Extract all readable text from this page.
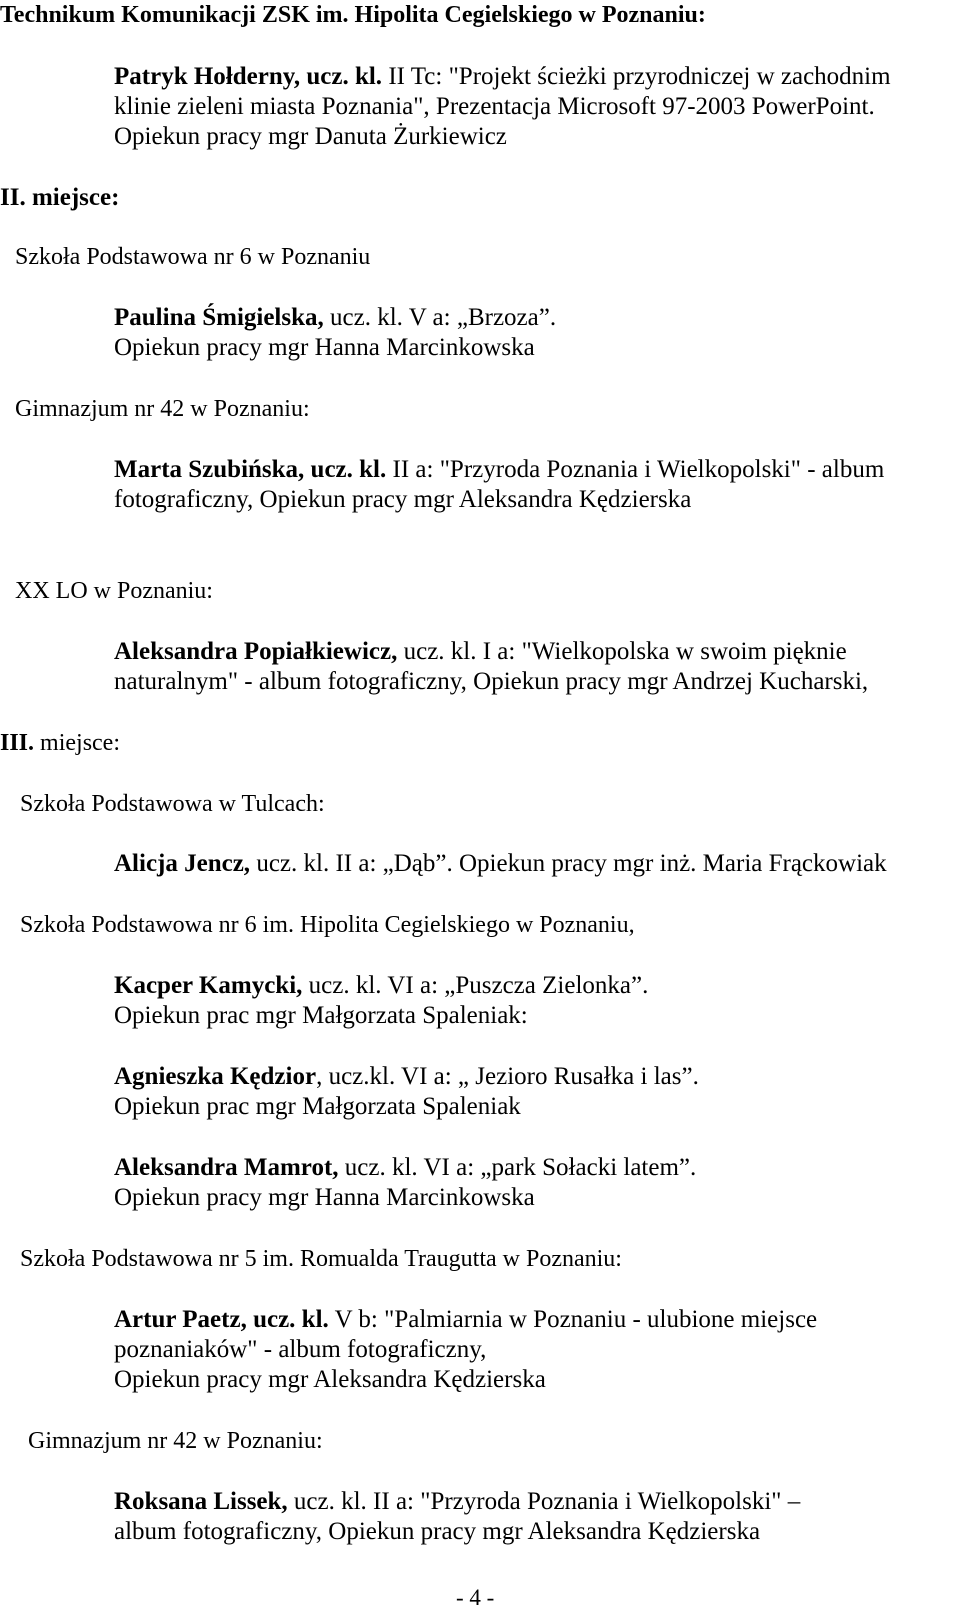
Technikum Komunikacji ZSK im. Hipolita Cegielskiego w Poznaniu:
Patryk Hołderny, ucz. kl. II Tc: "Projekt ścieżki przyrodniczej w zachodnim
klinie zieleni miasta Poznania", Prezentacja Microsoft 97-2003 PowerPoint.
Opiekun pracy mgr Danuta Żurkiewicz
II. miejsce:
Szkoła Podstawowa nr 6 w Poznaniu
Paulina Śmigielska, ucz. kl. V a: „Brzoza”.
Opiekun pracy mgr Hanna Marcinkowska
Gimnazjum nr 42 w Poznaniu:
Marta Szubińska, ucz. kl. II a: "Przyroda Poznania i Wielkopolski" - album
fotograficzny, Opiekun pracy mgr Aleksandra Kędzierska
XX LO w Poznaniu:
Aleksandra Popiałkiewicz, ucz. kl. I a: "Wielkopolska w swoim pięknie
naturalnym" - album fotograficzny, Opiekun pracy mgr Andrzej Kucharski,
III. miejsce:
Szkoła Podstawowa w Tulcach:
Alicja Jencz, ucz. kl. II a: „Dąb”. Opiekun pracy mgr inż. Maria Frąckowiak
Szkoła Podstawowa nr 6 im. Hipolita Cegielskiego w Poznaniu,
Kacper Kamycki, ucz. kl. VI a: „Puszcza Zielonka”.
Opiekun prac mgr Małgorzata Spaleniak:
Agnieszka Kędzior, ucz.kl. VI a: „ Jezioro Rusałka i las”.
Opiekun prac mgr Małgorzata Spaleniak
Aleksandra Mamrot, ucz. kl. VI a: „park Sołacki latem”.
Opiekun pracy mgr Hanna Marcinkowska
Szkoła Podstawowa nr 5 im. Romualda Traugutta w Poznaniu:
Artur Paetz, ucz. kl. V b: "Palmiarnia w Poznaniu - ulubione miejsce
poznaniaków" - album fotograficzny,
Opiekun pracy mgr Aleksandra Kędzierska
Gimnazjum nr 42 w Poznaniu:
Roksana Lissek, ucz. kl. II a: "Przyroda Poznania i Wielkopolski" –
album fotograficzny, Opiekun pracy mgr Aleksandra Kędzierska
- 4 -
